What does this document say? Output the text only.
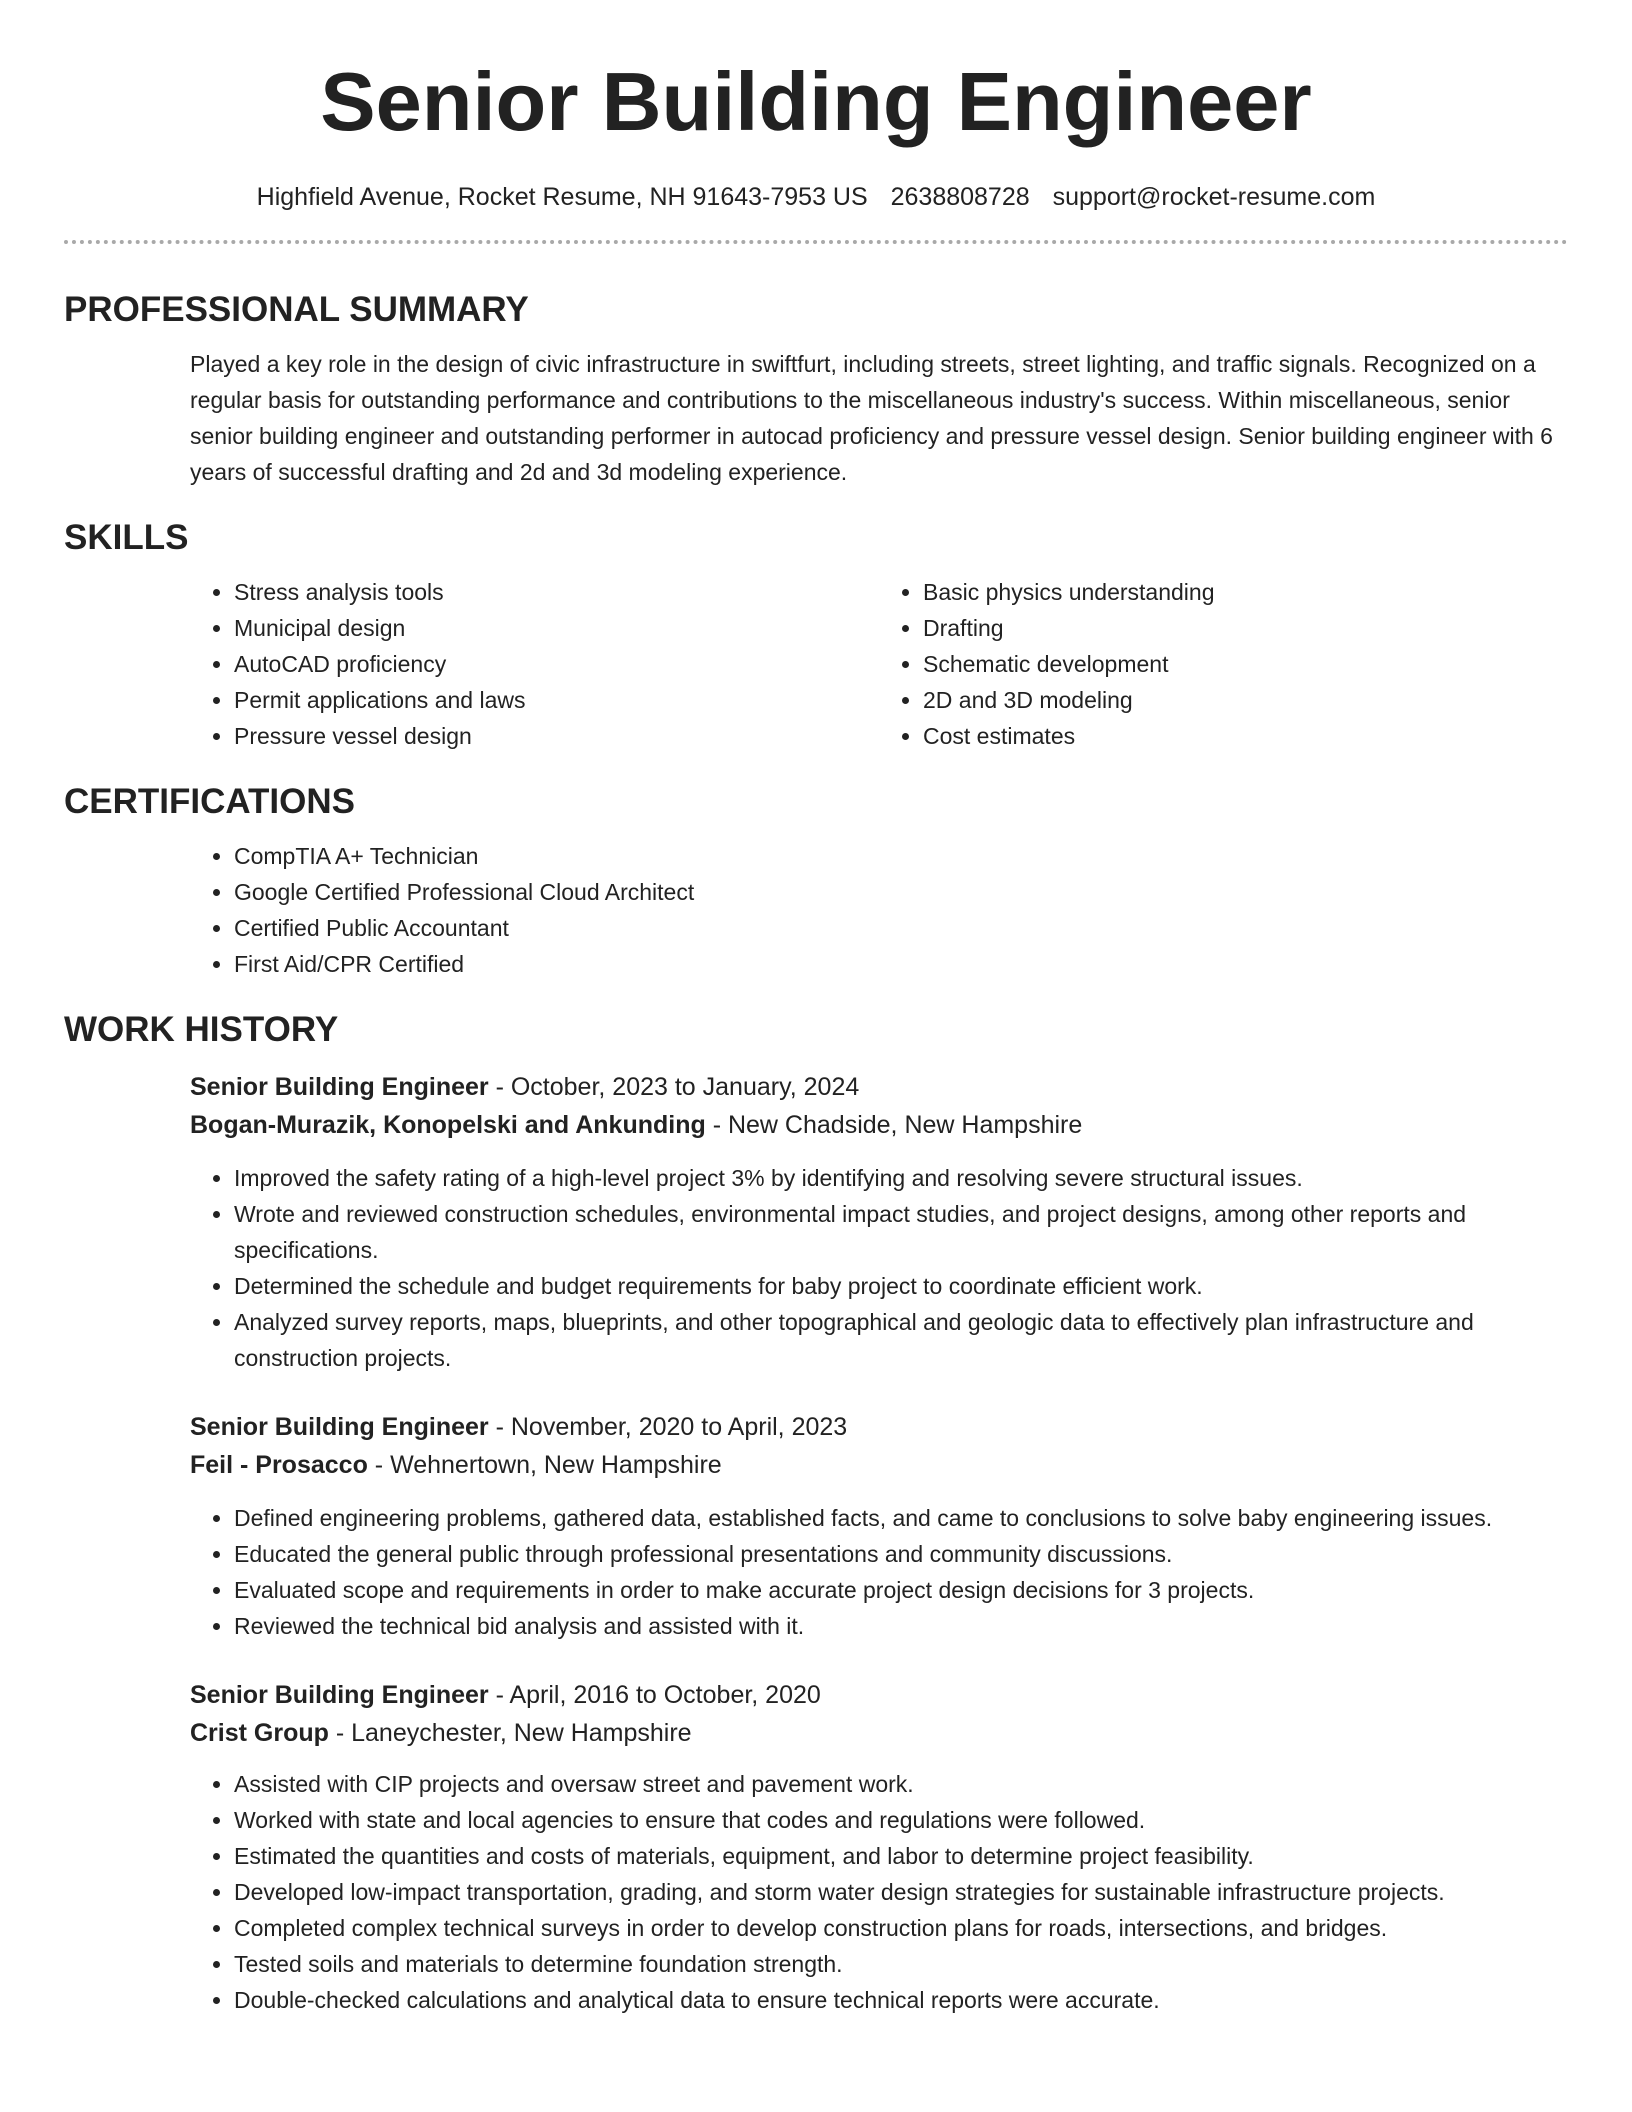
Senior Building Engineer
Highfield Avenue, Rocket Resume, NH 91643-7953 US 2638808728 support@rocket-resume.com
PROFESSIONAL SUMMARY
Played a key role in the design of civic infrastructure in swiftfurt, including streets, street lighting, and traffic signals. Recognized on a regular basis for outstanding performance and contributions to the miscellaneous industry's success. Within miscellaneous, senior senior building engineer and outstanding performer in autocad proficiency and pressure vessel design. Senior building engineer with 6 years of successful drafting and 2d and 3d modeling experience.
SKILLS
• Stress analysis tools
• Municipal design
• AutoCAD proficiency
• Permit applications and laws
• Pressure vessel design
• Basic physics understanding
• Drafting
• Schematic development
• 2D and 3D modeling
• Cost estimates
CERTIFICATIONS
• CompTIA A+ Technician
• Google Certified Professional Cloud Architect
• Certified Public Accountant
• First Aid/CPR Certified
WORK HISTORY
Senior Building Engineer - October, 2023 to January, 2024
Bogan-Murazik, Konopelski and Ankunding - New Chadside, New Hampshire
• Improved the safety rating of a high-level project 3% by identifying and resolving severe structural issues.
• Wrote and reviewed construction schedules, environmental impact studies, and project designs, among other reports and specifications.
• Determined the schedule and budget requirements for baby project to coordinate efficient work.
• Analyzed survey reports, maps, blueprints, and other topographical and geologic data to effectively plan infrastructure and construction projects.
Senior Building Engineer - November, 2020 to April, 2023
Feil - Prosacco - Wehnertown, New Hampshire
• Defined engineering problems, gathered data, established facts, and came to conclusions to solve baby engineering issues.
• Educated the general public through professional presentations and community discussions.
• Evaluated scope and requirements in order to make accurate project design decisions for 3 projects.
• Reviewed the technical bid analysis and assisted with it.
Senior Building Engineer - April, 2016 to October, 2020
Crist Group - Laneychester, New Hampshire
• Assisted with CIP projects and oversaw street and pavement work.
• Worked with state and local agencies to ensure that codes and regulations were followed.
• Estimated the quantities and costs of materials, equipment, and labor to determine project feasibility.
• Developed low-impact transportation, grading, and storm water design strategies for sustainable infrastructure projects.
• Completed complex technical surveys in order to develop construction plans for roads, intersections, and bridges.
• Tested soils and materials to determine foundation strength.
• Double-checked calculations and analytical data to ensure technical reports were accurate.
